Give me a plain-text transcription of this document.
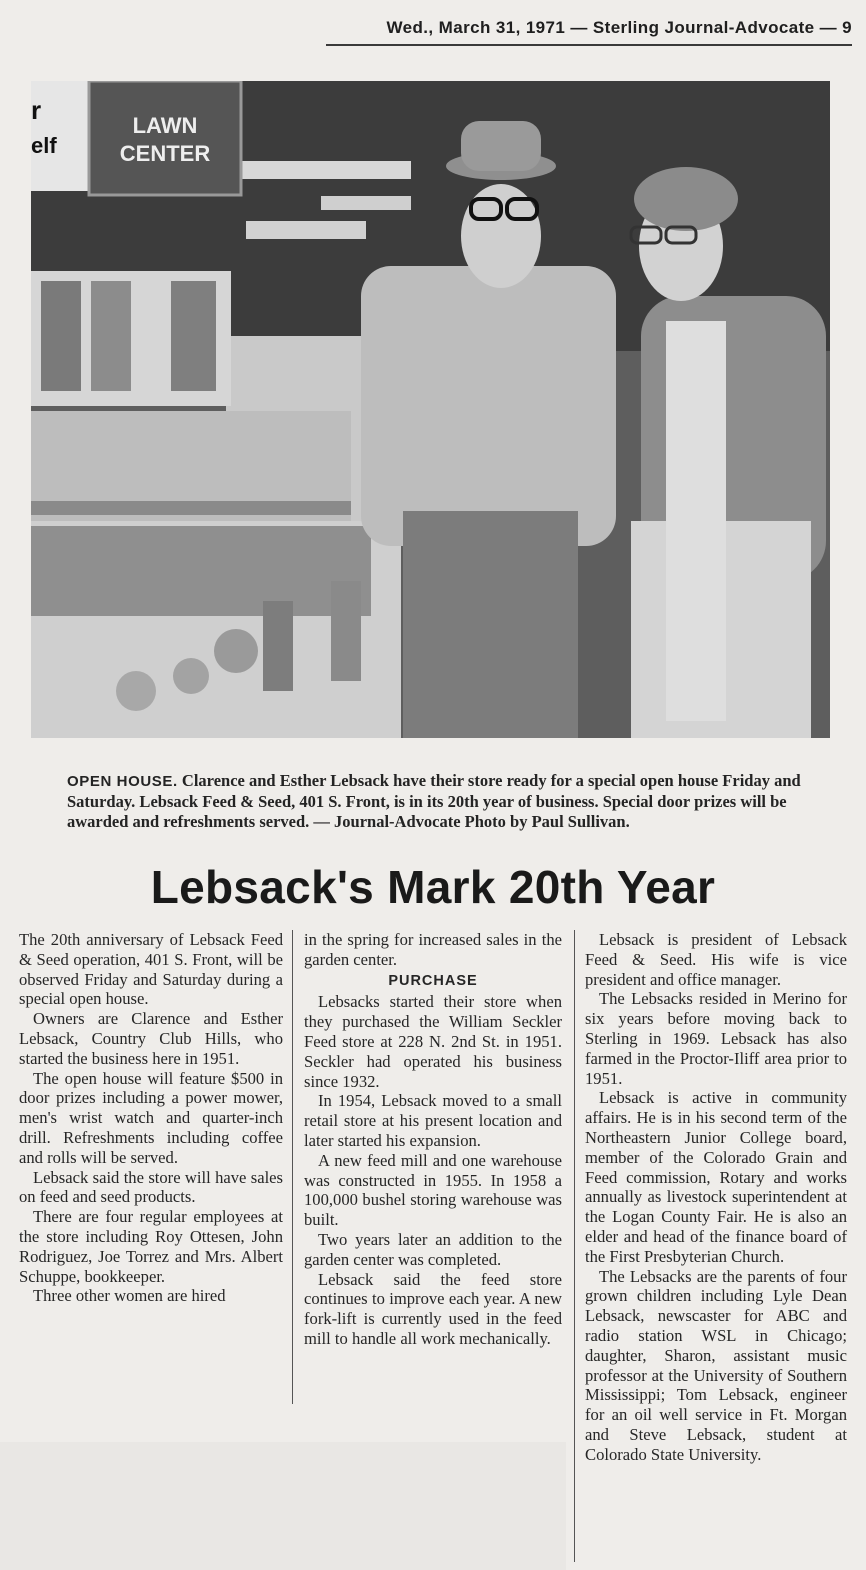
Wed., March 31, 1971 — Sterling Journal-Advocate — 9
r
elf
LAWN
CENTER
OPEN HOUSE. Clarence and Esther Lebsack have their store ready for a special open house Friday and Saturday. Lebsack Feed & Seed, 401 S. Front, is in its 20th year of business. Special door prizes will be awarded and refreshments served. — Journal-Advocate Photo by Paul Sullivan.
Lebsack's Mark 20th Year

The 20th anniversary of Lebsack Feed & Seed operation, 401 S. Front, will be observed Friday and Saturday during a special open house.

Owners are Clarence and Esther Lebsack, Country Club Hills, who started the business here in 1951.

The open house will feature $500 in door prizes including a power mower, men's wrist watch and quarter-inch drill. Refreshments including coffee and rolls will be served.

Lebsack said the store will have sales on feed and seed products.

There are four regular employees at the store including Roy Ottesen, John Rodriguez, Joe Torrez and Mrs. Albert Schuppe, bookkeeper.

Three other women are hired

in the spring for increased sales in the garden center.

PURCHASE

Lebsacks started their store when they purchased the William Seckler Feed store at 228 N. 2nd St. in 1951. Seckler had operated his business since 1932.

In 1954, Lebsack moved to a small retail store at his present location and later started his expansion.

A new feed mill and one warehouse was constructed in 1955. In 1958 a 100,000 bushel storing warehouse was built.

Two years later an addition to the garden center was completed.

Lebsack said the feed store continues to improve each year. A new fork-lift is currently used in the feed mill to handle all work mechanically.

Lebsack is president of Lebsack Feed & Seed. His wife is vice president and office manager.

The Lebsacks resided in Merino for six years before moving back to Sterling in 1969. Lebsack has also farmed in the Proctor-Iliff area prior to 1951.

Lebsack is active in community affairs. He is in his second term of the Northeastern Junior College board, member of the Colorado Grain and Feed commission, Rotary and works annually as livestock superintendent at the Logan County Fair. He is also an elder and head of the finance board of the First Presbyterian Church.

The Lebsacks are the parents of four grown children including Lyle Dean Lebsack, newscaster for ABC and radio station WSL in Chicago; daughter, Sharon, assistant music professor at the University of Southern Mississippi; Tom Lebsack, engineer for an oil well service in Ft. Morgan and Steve Lebsack, student at Colorado State University.
